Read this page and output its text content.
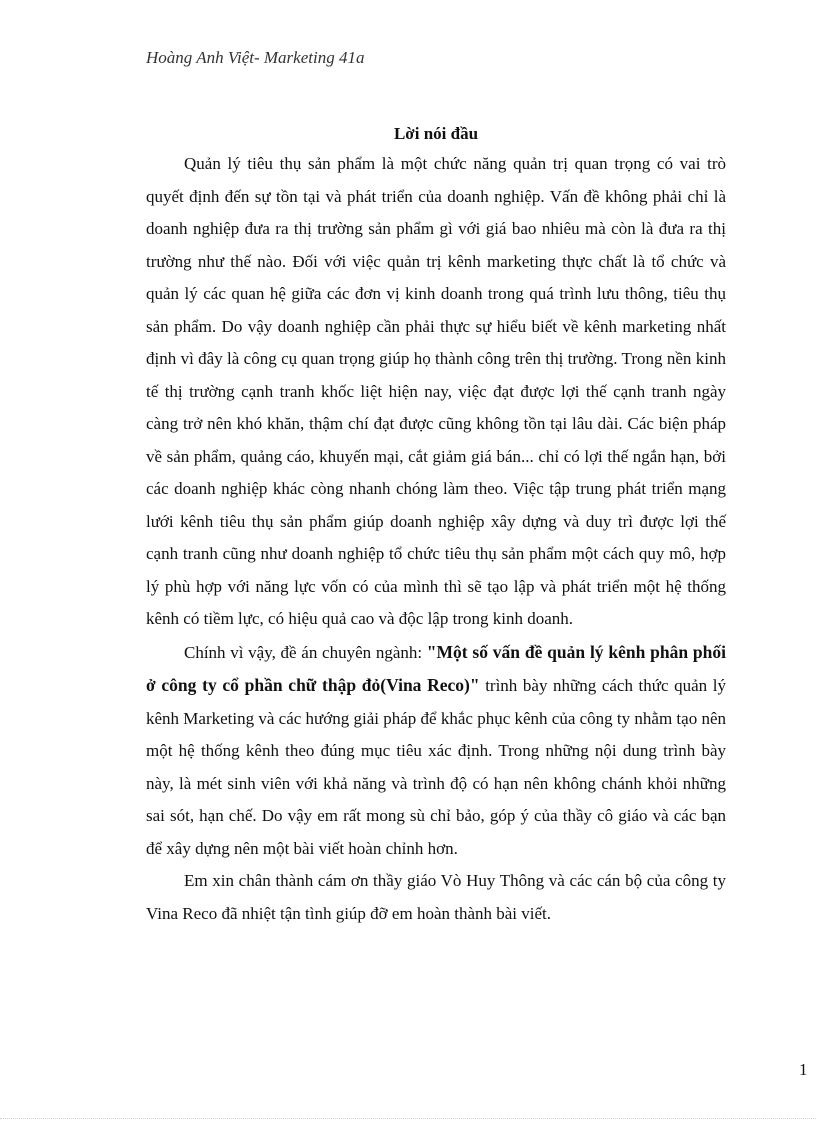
Hoàng Anh Việt- Marketing 41a

Lời nói đầu

Quản lý tiêu thụ sản phẩm là một chức năng quản trị quan trọng có vai trò quyết định đến sự tồn tại và phát triển của doanh nghiệp. Vấn đề không phải chỉ là doanh nghiệp đưa ra thị trường sản phẩm gì với giá bao nhiêu mà còn là đưa ra thị trường như thế nào. Đối với việc quản trị kênh marketing thực chất là tổ chức và quản lý các quan hệ giữa các đơn vị kinh doanh trong quá trình lưu thông, tiêu thụ sản phẩm. Do vậy doanh nghiệp cần phải thực sự hiểu biết về kênh marketing nhất định vì đây là công cụ quan trọng giúp họ thành công trên thị trường. Trong nền kinh tế thị trường cạnh tranh khốc liệt hiện nay, việc đạt được lợi thế cạnh tranh ngày càng trở nên khó khăn, thậm chí đạt được cũng không tồn tại lâu dài. Các biện pháp về sản phẩm, quảng cáo, khuyến mại, cắt giảm giá bán... chỉ có lợi thế ngắn hạn, bởi các doanh nghiệp khác còng nhanh chóng làm theo. Việc tập trung phát triển mạng lưới kênh tiêu thụ sản phẩm giúp doanh nghiệp xây dựng và duy trì được lợi thế cạnh tranh cũng như doanh nghiệp tổ chức tiêu thụ sản phẩm một cách quy mô, hợp lý phù hợp với năng lực vốn có của mình thì sẽ tạo lập và phát triển một hệ thống kênh có tiềm lực, có hiệu quả cao và độc lập trong kinh doanh.

Chính vì vậy, đề án chuyên ngành: "Một số vấn đề quản lý kênh phân phối ở công ty cổ phần chữ thập đỏ(Vina Reco)" trình bày những cách thức quản lý kênh Marketing và các hướng giải pháp để khắc phục kênh của công ty nhằm tạo nên một hệ thống kênh theo đúng mục tiêu xác định. Trong những nội dung trình bày này, là mét sinh viên với khả năng và trình độ có hạn nên không chánh khỏi những sai sót, hạn chế. Do vậy em rất mong sù chỉ bảo, góp ý của thầy cô giáo và các bạn để xây dựng nên một bài viết hoàn chỉnh hơn.

Em xin chân thành cám ơn thầy giáo Vò Huy Thông và các cán bộ của công ty Vina Reco đã nhiệt tận tình giúp đỡ em hoàn thành bài viết.

1
